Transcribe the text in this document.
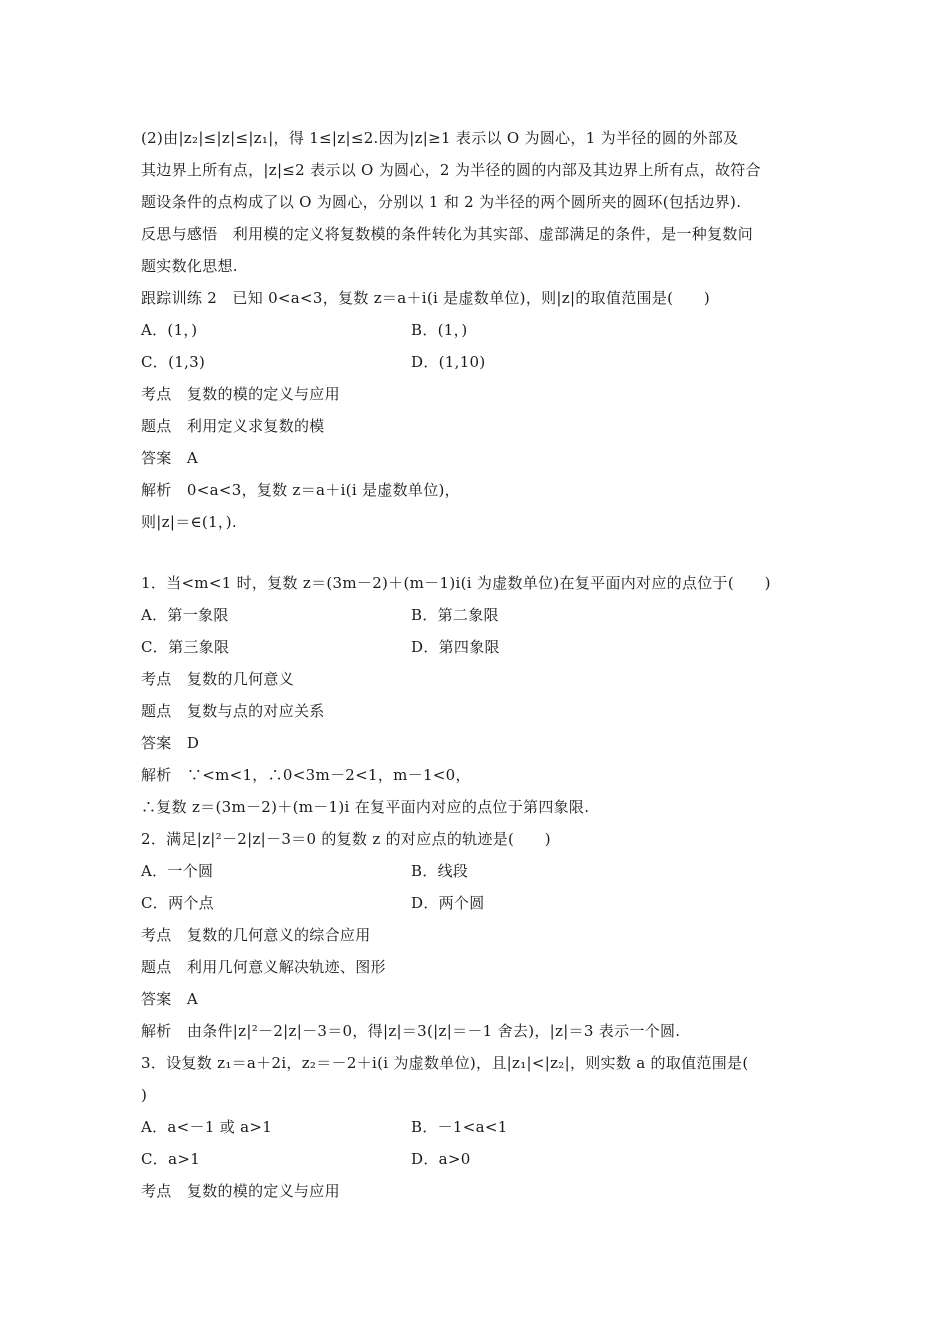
(2)由|z₂|≤|z|≤|z₁|，得 1≤|z|≤2.因为|z|≥1 表示以 O 为圆心，1 为半径的圆的外部及
其边界上所有点，|z|≤2 表示以 O 为圆心，2 为半径的圆的内部及其边界上所有点，故符合
题设条件的点构成了以 O 为圆心，分别以 1 和 2 为半径的两个圆所夹的圆环(包括边界).
反思与感悟　利用模的定义将复数模的条件转化为其实部、虚部满足的条件，是一种复数问
题实数化思想.
跟踪训练 2　已知 0<a<3，复数 z＝a＋i(i 是虚数单位)，则|z|的取值范围是(　　)
A．(1，)	B．(1，)
C．(1,3)	D．(1,10)
考点　复数的模的定义与应用
题点　利用定义求复数的模
答案　A
解析　0<a<3，复数 z＝a＋i(i 是虚数单位)，
则|z|＝∈(1，).
1．当<m<1 时，复数 z＝(3m－2)＋(m－1)i(i 为虚数单位)在复平面内对应的点位于(　　)
A．第一象限	B．第二象限
C．第三象限	D．第四象限
考点　复数的几何意义
题点　复数与点的对应关系
答案　D
解析　∵<m<1，∴0<3m－2<1，m－1<0，
∴复数 z＝(3m－2)＋(m－1)i 在复平面内对应的点位于第四象限.
2．满足|z|²－2|z|－3＝0 的复数 z 的对应点的轨迹是(　　)
A．一个圆	B．线段
C．两个点	D．两个圆
考点　复数的几何意义的综合应用
题点　利用几何意义解决轨迹、图形
答案　A
解析　由条件|z|²－2|z|－3＝0，得|z|＝3(|z|＝－1 舍去)，|z|＝3 表示一个圆.
3．设复数 z₁＝a＋2i，z₂＝－2＋i(i 为虚数单位)，且|z₁|<|z₂|，则实数 a 的取值范围是(
)
A．a<－1 或 a>1	B．－1<a<1
C．a>1	D．a>0
考点　复数的模的定义与应用
